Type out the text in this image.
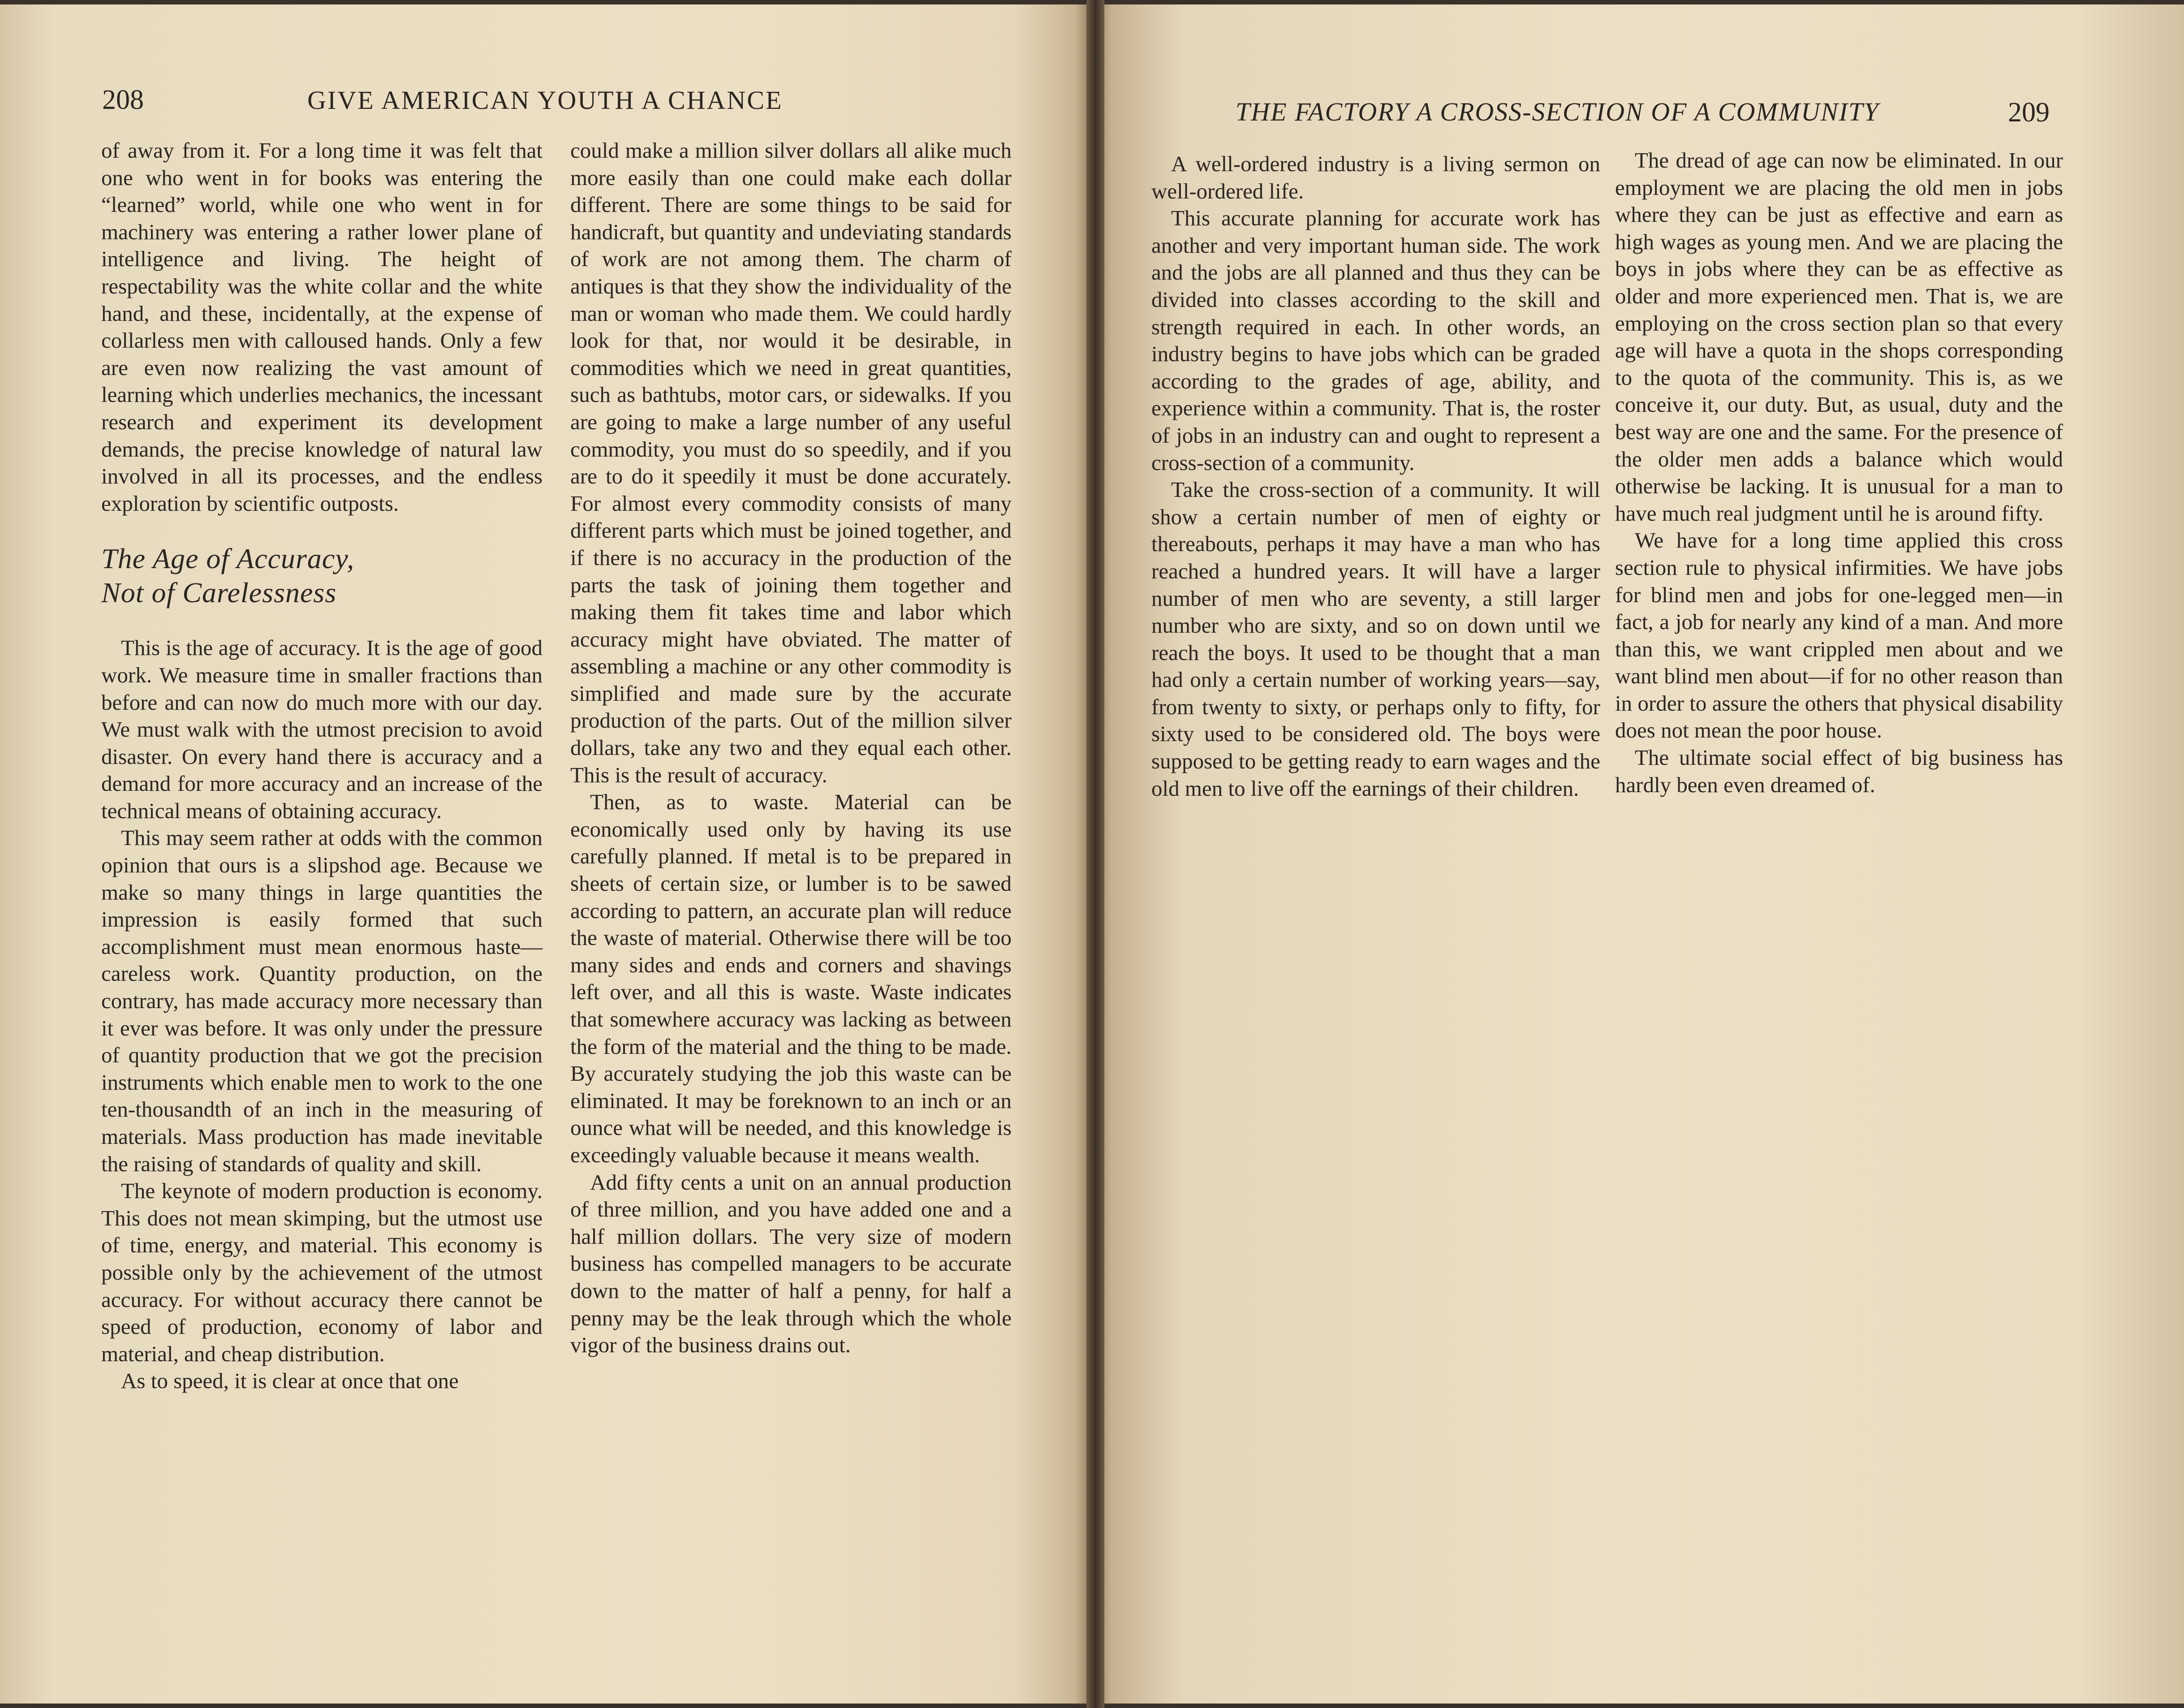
208	GIVE AMERICAN YOUTH A CHANCE

of away from it. For a long time it was felt that one who went in for books was entering the “learned” world, while one who went in for machinery was entering a rather lower plane of intelligence and living. The height of respectability was the white collar and the white hand, and these, incidentally, at the expense of collarless men with calloused hands. Only a few are even now realizing the vast amount of learning which underlies mechanics, the incessant research and experiment its development demands, the precise knowledge of natural law involved in all its processes, and the endless exploration by scientific outposts.

The Age of Accuracy,
Not of Carelessness

This is the age of accuracy. It is the age of good work. We measure time in smaller fractions than before and can now do much more with our day. We must walk with the utmost precision to avoid disaster. On every hand there is accuracy and a demand for more accuracy and an increase of the technical means of obtaining accuracy.

This may seem rather at odds with the common opinion that ours is a slipshod age. Because we make so many things in large quantities the impression is easily formed that such accomplishment must mean enormous haste—careless work. Quantity production, on the contrary, has made accuracy more necessary than it ever was before. It was only under the pressure of quantity production that we got the precision instruments which enable men to work to the one ten-thousandth of an inch in the measuring of materials. Mass production has made inevitable the raising of standards of quality and skill.

The keynote of modern production is economy. This does not mean skimping, but the utmost use of time, energy, and material. This economy is possible only by the achievement of the utmost accuracy. For without accuracy there cannot be speed of production, economy of labor and material, and cheap distribution.

As to speed, it is clear at once that one

could make a million silver dollars all alike much more easily than one could make each dollar different. There are some things to be said for handicraft, but quantity and undeviating standards of work are not among them. The charm of antiques is that they show the individuality of the man or woman who made them. We could hardly look for that, nor would it be desirable, in commodities which we need in great quantities, such as bathtubs, motor cars, or sidewalks. If you are going to make a large number of any useful commodity, you must do so speedily, and if you are to do it speedily it must be done accurately. For almost every commodity consists of many different parts which must be joined together, and if there is no accuracy in the production of the parts the task of joining them together and making them fit takes time and labor which accuracy might have obviated. The matter of assembling a machine or any other commodity is simplified and made sure by the accurate production of the parts. Out of the million silver dollars, take any two and they equal each other. This is the result of accuracy.

Then, as to waste. Material can be economically used only by having its use carefully planned. If metal is to be prepared in sheets of certain size, or lumber is to be sawed according to pattern, an accurate plan will reduce the waste of material. Otherwise there will be too many sides and ends and corners and shavings left over, and all this is waste. Waste indicates that somewhere accuracy was lacking as between the form of the material and the thing to be made. By accurately studying the job this waste can be eliminated. It may be foreknown to an inch or an ounce what will be needed, and this knowledge is exceedingly valuable because it means wealth.

Add fifty cents a unit on an annual production of three million, and you have added one and a half million dollars. The very size of modern business has compelled managers to be accurate down to the matter of half a penny, for half a penny may be the leak through which the whole vigor of the business drains out.

THE FACTORY A CROSS-SECTION OF A COMMUNITY	209

A well-ordered industry is a living sermon on well-ordered life.

This accurate planning for accurate work has another and very important human side. The work and the jobs are all planned and thus they can be divided into classes according to the skill and strength required in each. In other words, an industry begins to have jobs which can be graded according to the grades of age, ability, and experience within a community. That is, the roster of jobs in an industry can and ought to represent a cross-section of a community.

Take the cross-section of a community. It will show a certain number of men of eighty or thereabouts, perhaps it may have a man who has reached a hundred years. It will have a larger number of men who are seventy, a still larger number who are sixty, and so on down until we reach the boys. It used to be thought that a man had only a certain number of working years—say, from twenty to sixty, or perhaps only to fifty, for sixty used to be considered old. The boys were supposed to be getting ready to earn wages and the old men to live off the earnings of their children.

The dread of age can now be eliminated. In our employment we are placing the old men in jobs where they can be just as effective and earn as high wages as young men. And we are placing the boys in jobs where they can be as effective as older and more experienced men. That is, we are employing on the cross section plan so that every age will have a quota in the shops corresponding to the quota of the community. This is, as we conceive it, our duty. But, as usual, duty and the best way are one and the same. For the presence of the older men adds a balance which would otherwise be lacking. It is unusual for a man to have much real judgment until he is around fifty.

We have for a long time applied this cross section rule to physical infirmities. We have jobs for blind men and jobs for one-legged men—in fact, a job for nearly any kind of a man. And more than this, we want crippled men about and we want blind men about—if for no other reason than in order to assure the others that physical disability does not mean the poor house.

The ultimate social effect of big business has hardly been even dreamed of.
